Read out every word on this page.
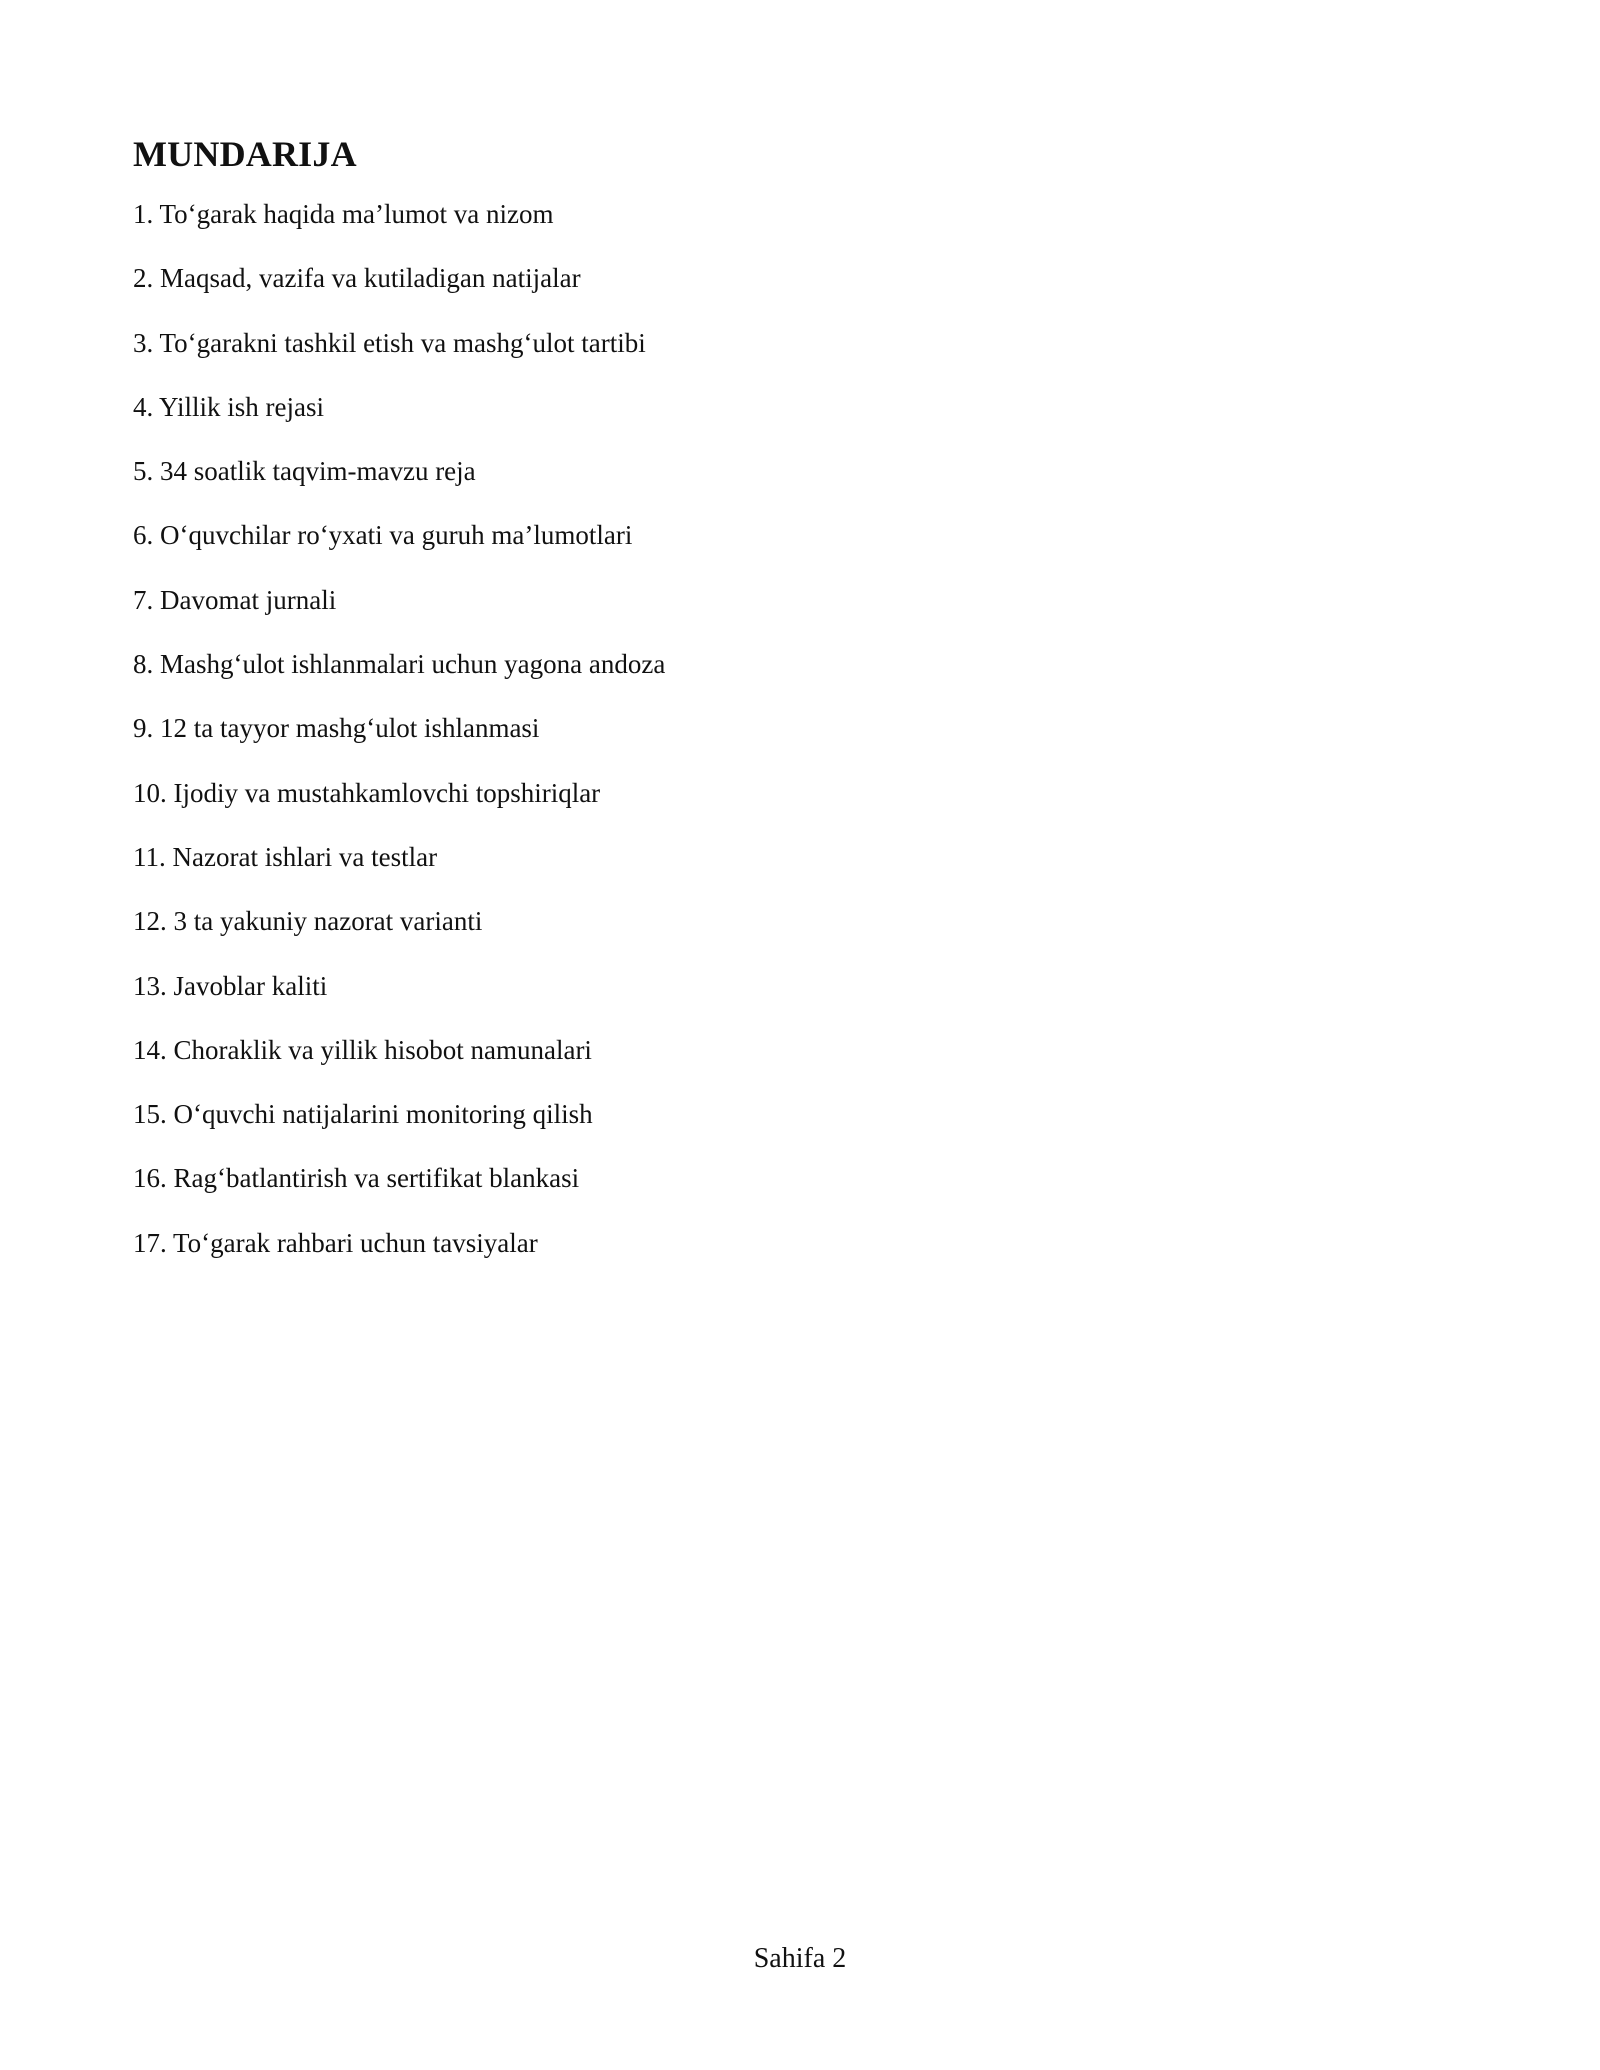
MUNDARIJA
1. To‘garak haqida ma’lumot va nizom
2. Maqsad, vazifa va kutiladigan natijalar
3. To‘garakni tashkil etish va mashg‘ulot tartibi
4. Yillik ish rejasi
5. 34 soatlik taqvim-mavzu reja
6. O‘quvchilar ro‘yxati va guruh ma’lumotlari
7. Davomat jurnali
8. Mashg‘ulot ishlanmalari uchun yagona andoza
9. 12 ta tayyor mashg‘ulot ishlanmasi
10. Ijodiy va mustahkamlovchi topshiriqlar
11. Nazorat ishlari va testlar
12. 3 ta yakuniy nazorat varianti
13. Javoblar kaliti
14. Choraklik va yillik hisobot namunalari
15. O‘quvchi natijalarini monitoring qilish
16. Rag‘batlantirish va sertifikat blankasi
17. To‘garak rahbari uchun tavsiyalar
Sahifa 2
